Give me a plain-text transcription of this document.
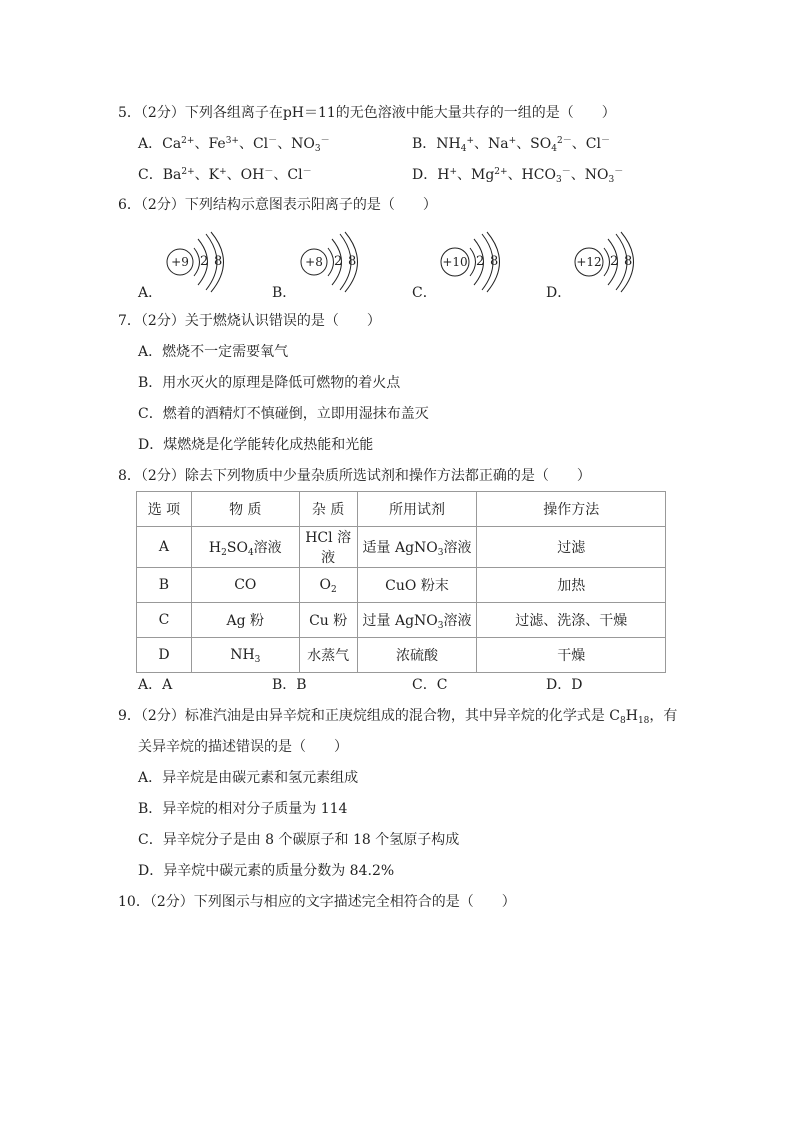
5．（2分）下列各组离子在pH＝11的无色溶液中能大量共存的一组的是（　　）
A．$Ca^{2+}$、$Fe^{3+}$、Cl－、$NO_3^-$	B．$NH_4^+$、Na+、$SO_4^{2-}$、Cl－
C．$Ba^{2+}$、K+、OH－、Cl－	D．H+、$Mg^{2+}$、$HCO_3^-$、$NO_3^-$
6．（2分）下列结构示意图表示阳离子的是（　　）
+9 2 8
A．
+8 2 8
B．
+10 2 8
C．
+12 2 8
D．
7．（2分）关于燃烧认识错误的是（　　）
A．燃烧不一定需要氧气
B．用水灭火的原理是降低可燃物的着火点
C．燃着的酒精灯不慎碰倒，立即用湿抹布盖灭
D．煤燃烧是化学能转化成热能和光能
8．（2分）除去下列物质中少量杂质所选试剂和操作方法都正确的是（　　）
选 项	物 质	杂 质	所用试剂	操作方法
A	$H_2SO_4$溶液	HCl 溶液	适量 AgNO$_3$溶液	过滤
B	CO	$O_2$	CuO 粉末	加热
C	Ag 粉	Cu 粉	过量 AgNO$_3$溶液	过滤、洗涤、干燥
D	$NH_3$	水蒸气	浓硫酸	干燥
A．A	B．B	C．C	D．D
9．（2分）标准汽油是由异辛烷和正庚烷组成的混合物，其中异辛烷的化学式是 $C_8H_{18}$，有
关异辛烷的描述错误的是（　　）
A．异辛烷是由碳元素和氢元素组成
B．异辛烷的相对分子质量为 114
C．异辛烷分子是由 8 个碳原子和 18 个氢原子构成
D．异辛烷中碳元素的质量分数为 84.2%
10．（2分）下列图示与相应的文字描述完全相符合的是（　　）
